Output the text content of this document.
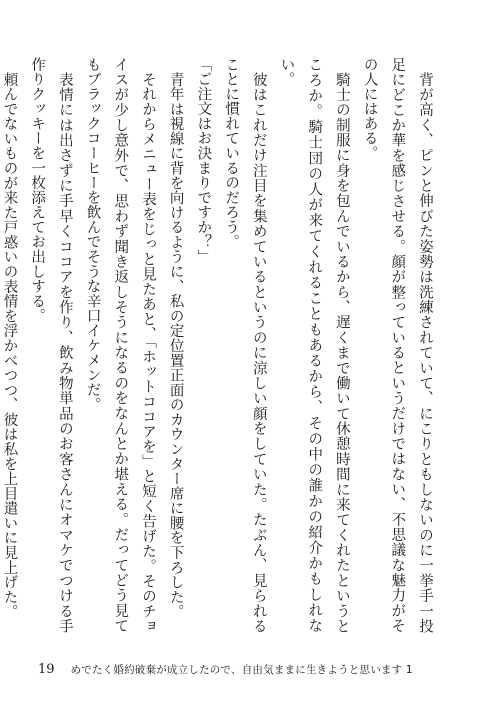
背が高く、ピンと伸びた姿勢は洗練されていて、にこりともしないのに一挙手一投足にどこか華を感じさせる。顔が整っているというだけではない、不思議な魅力がその人にはある。

騎士の制服に身を包んでいるから、遅くまで働いて休憩時間に来てくれたというところか。騎士団の人が来てくれることもあるから、その中の誰かの紹介かもしれない。

彼はこれだけ注目を集めているというのに涼しい顔をしていた。たぶん、見られることに慣れているのだろう。

「ご注文はお決まりですか？」

青年は視線に背を向けるように、私の定位置正面のカウンター席に腰を下ろした。

それからメニュー表をじっと見たあと、「ホットココアを」と短く告げた。そのチョイスが少し意外で、思わず聞き返しそうになるのをなんとか堪える。だってどう見てもブラックコーヒーを飲んでそうな辛口イケメンだ。

表情には出さずに手早くココアを作り、飲み物単品のお客さんにオマケでつける手作りクッキーを一枚添えてお出しする。

頼んでないものが来た戸惑いの表情を浮かべつつ、彼は私を上目遣いに見上げた。

19 めでたく婚約破棄が成立したので、自由気ままに生きようと思います 1
